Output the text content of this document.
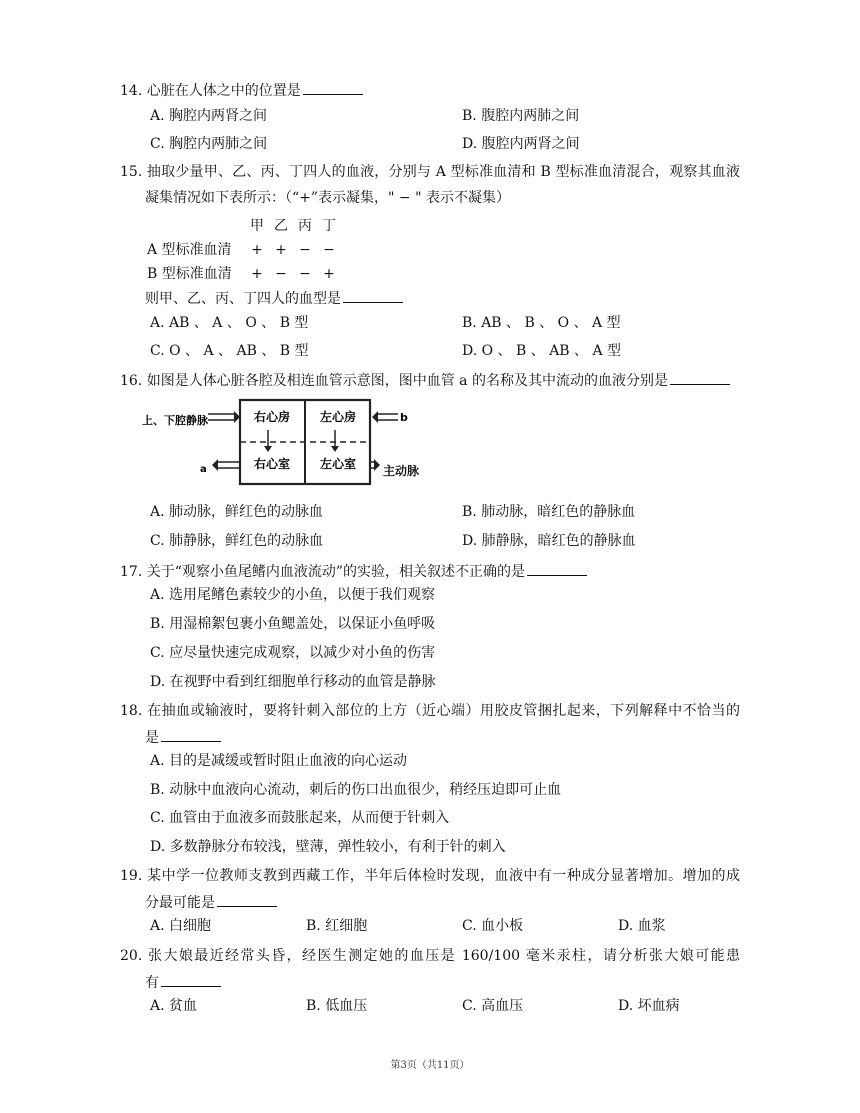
14. 心脏在人体之中的位置是
A. 胸腔内两肾之间	B. 腹腔内两肺之间
C. 胸腔内两肺之间	D. 腹腔内两肾之间
15. 抽取少量甲、乙、丙、丁四人的血液，分别与 A 型标准血清和 B 型标准血清混合，观察其血液
凝集情况如下表所示：（“+”表示凝集，" − " 表示不凝集）
甲 乙 丙 丁
A 型标准血清 + + − −
B 型标准血清 + − − +
则甲、乙、丙、丁四人的血型是
A. AB 、 A 、 O 、 B 型	B. AB 、 B 、 O 、 A 型
C. O 、 A 、 AB 、 B 型	D. O 、 B 、 AB 、 A 型
16. 如图是人体心脏各腔及相连血管示意图，图中血管 a 的名称及其中流动的血液分别是
右心房 左心房
右心室 左心室
上、下腔静脉	b
a	主动脉
A. 肺动脉，鲜红色的动脉血	B. 肺动脉，暗红色的静脉血
C. 肺静脉，鲜红色的动脉血	D. 肺静脉，暗红色的静脉血
17. 关于“观察小鱼尾鳍内血液流动”的实验，相关叙述不正确的是
A. 选用尾鳍色素较少的小鱼，以便于我们观察
B. 用湿棉絮包裹小鱼鳃盖处，以保证小鱼呼吸
C. 应尽量快速完成观察，以减少对小鱼的伤害
D. 在视野中看到红细胞单行移动的血管是静脉
18. 在抽血或输液时，要将针刺入部位的上方（近心端）用胶皮管捆扎起来，下列解释中不恰当的
是
A. 目的是减缓或暂时阻止血液的向心运动
B. 动脉中血液向心流动，刺后的伤口出血很少，稍经压迫即可止血
C. 血管由于血液多而鼓胀起来，从而便于针刺入
D. 多数静脉分布较浅，壁薄，弹性较小，有利于针的刺入
19. 某中学一位教师支教到西藏工作，半年后体检时发现，血液中有一种成分显著增加。增加的成
分最可能是
A. 白细胞	B. 红细胞	C. 血小板	D. 血浆
20. 张大娘最近经常头昏，经医生测定她的血压是 160/100 毫米汞柱，请分析张大娘可能患
有
A. 贫血	B. 低血压	C. 高血压	D. 坏血病
第3页（共11页）
